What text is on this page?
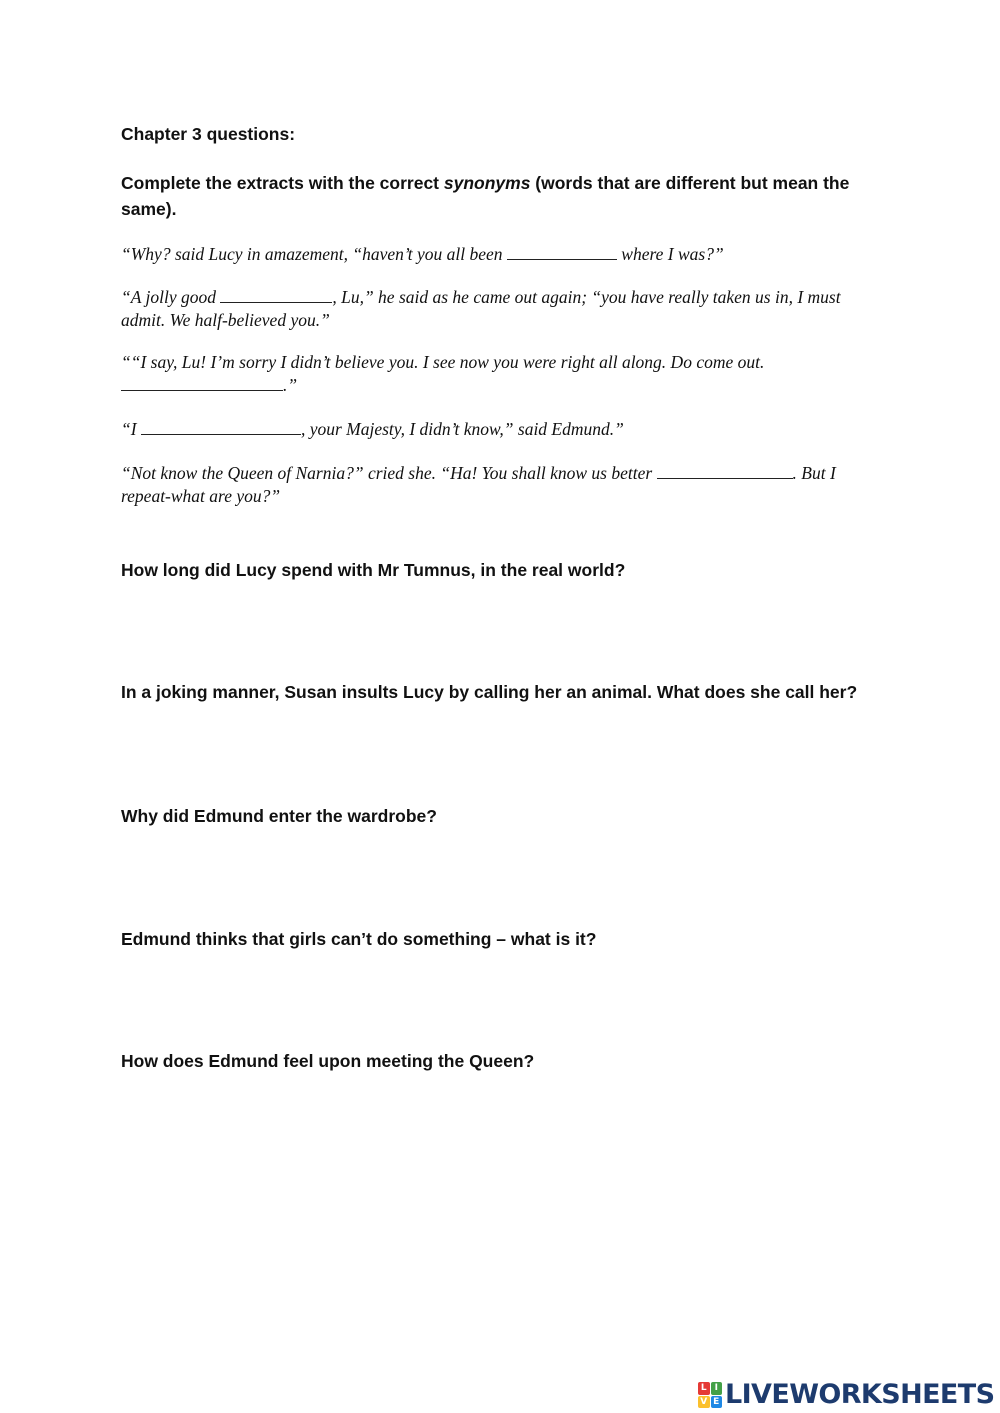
Chapter 3 questions:

Complete the extracts with the correct synonyms (words that are different but mean the same).

“Why? said Lucy in amazement, “haven’t you all been	where I was?”

“A jolly good	, Lu,” he said as he came out again; “you have really taken us in, I must admit. We half-believed you.”

““I say, Lu! I’m sorry I didn’t believe you. I see now you were right all along. Do come out. .”

“I	, your Majesty, I didn’t know,” said Edmund.”

“Not know the Queen of Narnia?” cried she. “Ha! You shall know us better	. But I repeat-what are you?”

How long did Lucy spend with Mr Tumnus, in the real world?

In a joking manner, Susan insults Lucy by calling her an animal. What does she call her?

Why did Edmund enter the wardrobe?

Edmund thinks that girls can’t do something – what is it?

How does Edmund feel upon meeting the Queen?

L I
V E LIVEWORKSHEETS
